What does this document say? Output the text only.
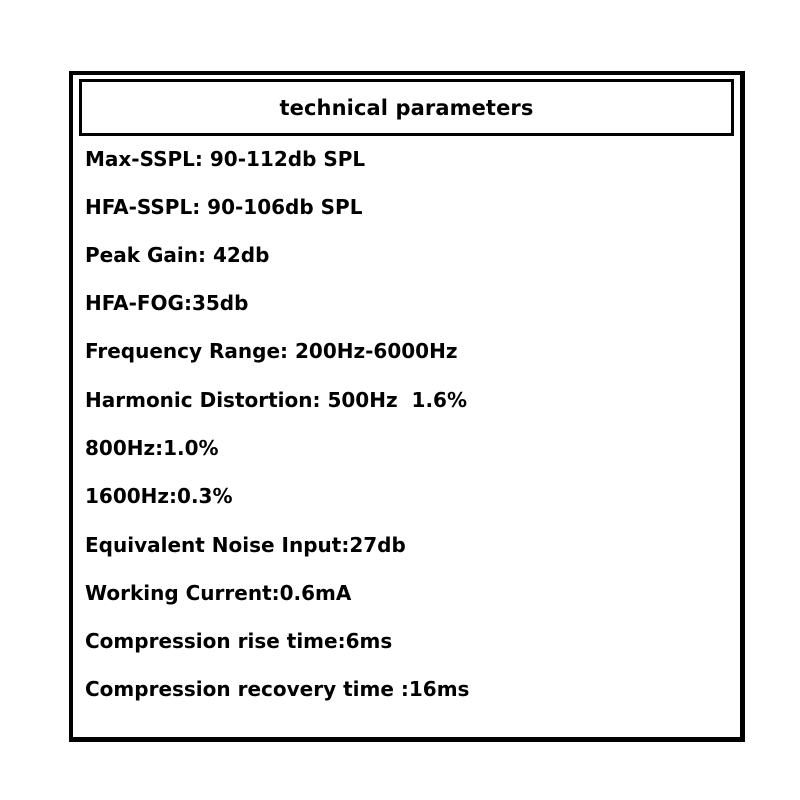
technical parameters
Max-SSPL: 90-112db SPL
HFA-SSPL: 90-106db SPL
Peak Gain: 42db
HFA-FOG:35db
Frequency Range: 200Hz-6000Hz
Harmonic Distortion: 500Hz  1.6%
800Hz:1.0%
1600Hz:0.3%
Equivalent Noise Input:27db
Working Current:0.6mA
Compression rise time:6ms
Compression recovery time :16ms
